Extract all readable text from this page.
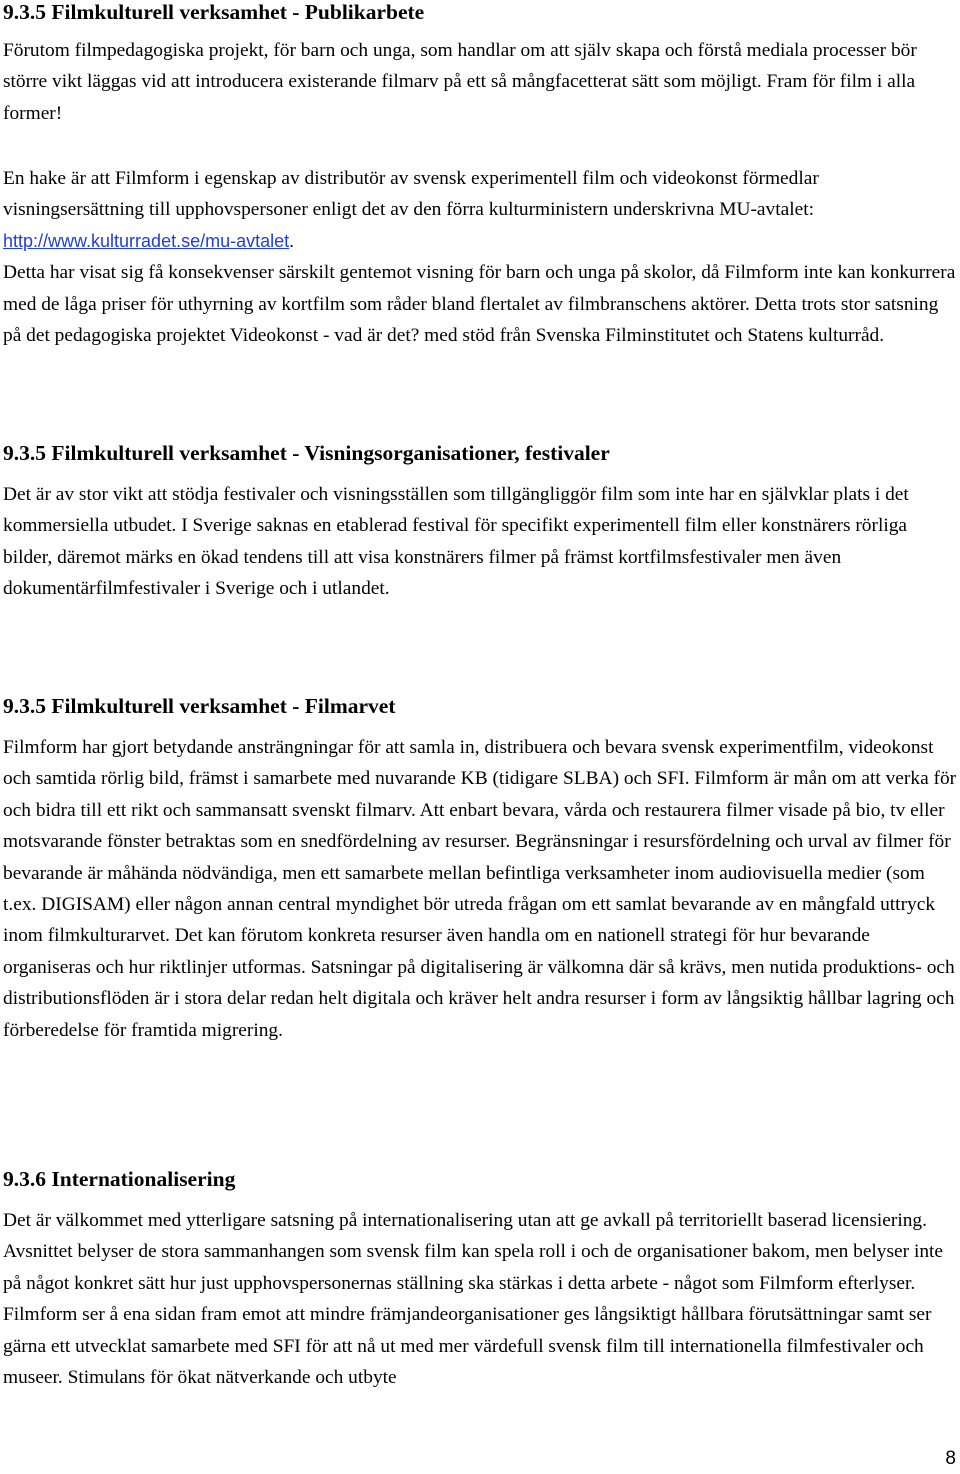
9.3.5 Filmkulturell verksamhet - Publikarbete

Förutom filmpedagogiska projekt, för barn och unga, som handlar om att själv skapa och förstå mediala processer bör större vikt läggas vid att introducera existerande filmarv på ett så mångfacetterat sätt som möjligt. Fram för film i alla former!

En hake är att Filmform i egenskap av distributör av svensk experimentell film och videokonst förmedlar visningsersättning till upphovspersoner enligt det av den förra kulturministern underskrivna MU-avtalet: http://www.kulturradet.se/mu-avtalet.
Detta har visat sig få konsekvenser särskilt gentemot visning för barn och unga på skolor, då Filmform inte kan konkurrera med de låga priser för uthyrning av kortfilm som råder bland flertalet av filmbranschens aktörer. Detta trots stor satsning på det pedagogiska projektet Videokonst - vad är det? med stöd från Svenska Filminstitutet och Statens kulturråd.

9.3.5 Filmkulturell verksamhet - Visningsorganisationer, festivaler

Det är av stor vikt att stödja festivaler och visningsställen som tillgängliggör film som inte har en självklar plats i det kommersiella utbudet. I Sverige saknas en etablerad festival för specifikt experimentell film eller konstnärers rörliga bilder, däremot märks en ökad tendens till att visa konstnärers filmer på främst kortfilmsfestivaler men även dokumentärfilmfestivaler i Sverige och i utlandet.

9.3.5 Filmkulturell verksamhet - Filmarvet

Filmform har gjort betydande ansträngningar för att samla in, distribuera och bevara svensk experimentfilm, videokonst och samtida rörlig bild, främst i samarbete med nuvarande KB (tidigare SLBA) och SFI. Filmform är mån om att verka för och bidra till ett rikt och sammansatt svenskt filmarv. Att enbart bevara, vårda och restaurera filmer visade på bio, tv eller motsvarande fönster betraktas som en snedfördelning av resurser. Begränsningar i resursfördelning och urval av filmer för bevarande är måhända nödvändiga, men ett samarbete mellan befintliga verksamheter inom audiovisuella medier (som t.ex. DIGISAM) eller någon annan central myndighet bör utreda frågan om ett samlat bevarande av en mångfald uttryck inom filmkulturarvet. Det kan förutom konkreta resurser även handla om en nationell strategi för hur bevarande organiseras och hur riktlinjer utformas. Satsningar på digitalisering är välkomna där så krävs, men nutida produktions- och distributionsflöden är i stora delar redan helt digitala och kräver helt andra resurser i form av långsiktig hållbar lagring och förberedelse för framtida migrering.

9.3.6 Internationalisering

Det är välkommet med ytterligare satsning på internationalisering utan att ge avkall på territoriellt baserad licensiering. Avsnittet belyser de stora sammanhangen som svensk film kan spela roll i och de organisationer bakom, men belyser inte på något konkret sätt hur just upphovspersonernas ställning ska stärkas i detta arbete - något som Filmform efterlyser.
Filmform ser å ena sidan fram emot att mindre främjandeorganisationer ges långsiktigt hållbara förutsättningar samt ser gärna ett utvecklat samarbete med SFI för att nå ut med mer värdefull svensk film till internationella filmfestivaler och museer. Stimulans för ökat nätverkande och utbyte

8
